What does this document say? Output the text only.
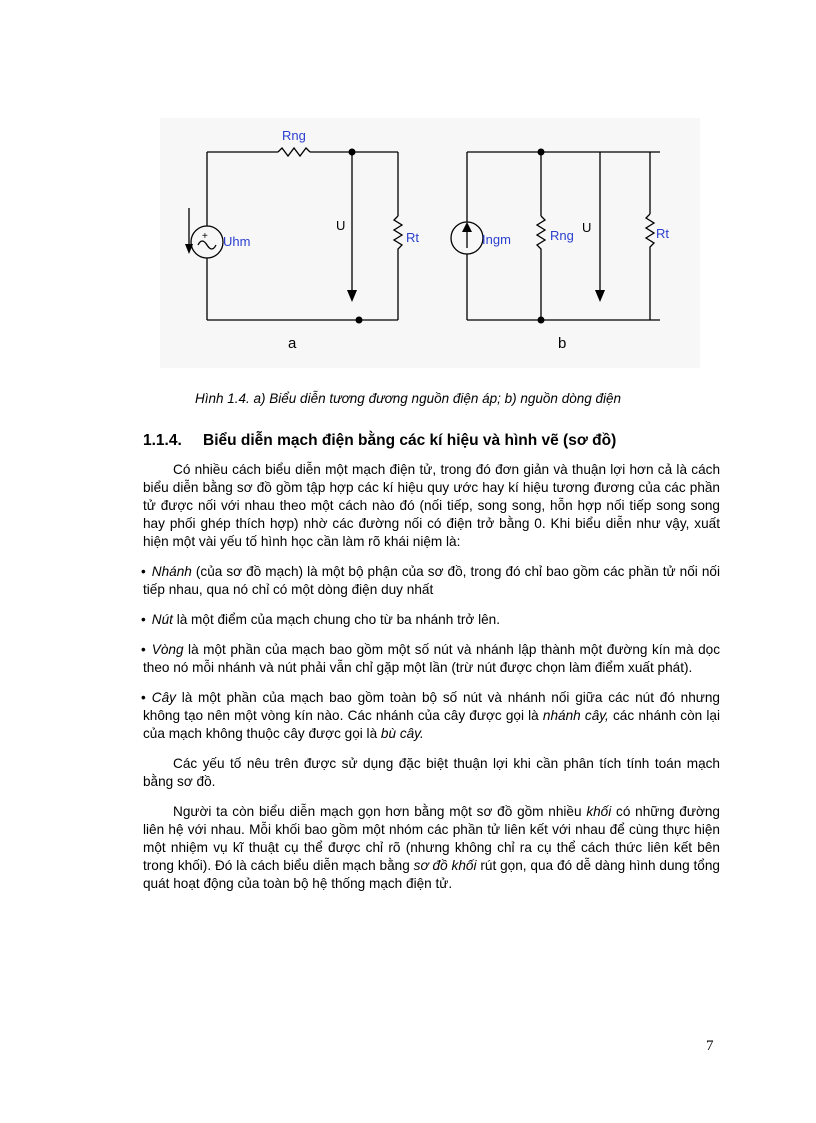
Rng
Uhm
+
U
Rt
a
Ingm	Rng
U	Rt
b
Hình 1.4. a) Biểu diễn tương đương nguồn điện áp; b) nguồn dòng điện
1.1.4. Biểu diễn mạch điện bằng các kí hiệu và hình vẽ (sơ đồ)

Có nhiều cách biểu diễn một mạch điện tử, trong đó đơn giản và thuận lợi hơn cả là cách biểu diễn bằng sơ đồ gồm tập hợp các kí hiệu quy ước hay kí hiệu tương đương của các phần tử được nối với nhau theo một cách nào đó (nối tiếp, song song, hỗn hợp nối tiếp song song hay phối ghép thích hợp) nhờ các đường nối có điện trở bằng 0. Khi biểu diễn như vậy, xuất hiện một vài yếu tố hình học cần làm rõ khái niệm là:

• Nhánh (của sơ đồ mạch) là một bộ phận của sơ đồ, trong đó chỉ bao gồm các phần tử nối nối tiếp nhau, qua nó chỉ có một dòng điện duy nhất

• Nút là một điểm của mạch chung cho từ ba nhánh trở lên.

• Vòng là một phần của mạch bao gồm một số nút và nhánh lập thành một đường kín mà dọc theo nó mỗi nhánh và nút phải vẫn chỉ gặp một lần (trừ nút được chọn làm điểm xuất phát).

• Cây là một phần của mạch bao gồm toàn bộ số nút và nhánh nối giữa các nút đó nhưng không tạo nên một vòng kín nào. Các nhánh của cây được gọi là nhánh cây, các nhánh còn lại của mạch không thuộc cây được gọi là bù cây.

Các yếu tố nêu trên được sử dụng đặc biệt thuận lợi khi cần phân tích tính toán mạch bằng sơ đồ.

Người ta còn biểu diễn mạch gọn hơn bằng một sơ đồ gồm nhiều khối có những đường liên hệ với nhau. Mỗi khối bao gồm một nhóm các phần tử liên kết với nhau để cùng thực hiện một nhiệm vụ kĩ thuật cụ thể được chỉ rõ (nhưng không chỉ ra cụ thể cách thức liên kết bên trong khối). Đó là cách biểu diễn mạch bằng sơ đồ khối rút gọn, qua đó dễ dàng hình dung tổng quát hoạt động của toàn bộ hệ thống mạch điện tử.

7
